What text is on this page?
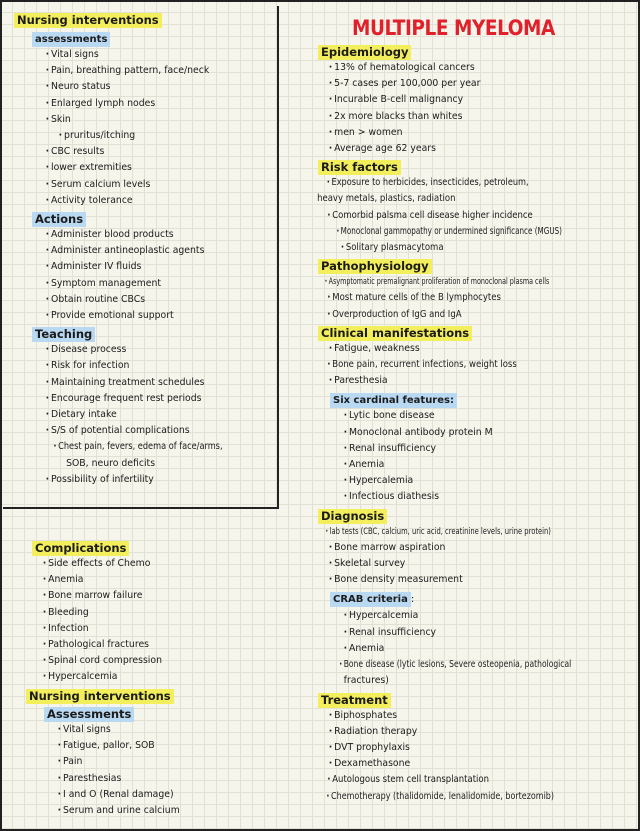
MULTIPLE MYELOMA
Nursing interventions
assessments
· Vital signs
· Pain, breathing pattern, face/neck
· Neuro status
· Enlarged lymph nodes
· Skin
· pruritus/itching
· CBC results
· lower extremities
· Serum calcium levels
· Activity tolerance
Actions
· Administer blood products
· Administer antineoplastic agents
· Administer IV fluids
· Symptom management
· Obtain routine CBCs
· Provide emotional support
Teaching
· Disease process
· Risk for infection
· Maintaining treatment schedules
· Encourage frequent rest periods
· Dietary intake
· S/S of potential complications
· Chest pain, fevers, edema of face/arms,
SOB, neuro deficits
· Possibility of infertility
Complications
· Side effects of Chemo
· Anemia
· Bone marrow failure
· Bleeding
· Infection
· Pathological fractures
· Spinal cord compression
· Hypercalcemia
Nursing interventions
Assessments
· Vital signs
· Fatigue, pallor, SOB
· Pain
· Paresthesias
· I and O (Renal damage)
· Serum and urine calcium
Epidemiology
· 13% of hematological cancers
· 5-7 cases per 100,000 per year
· Incurable B-cell malignancy
· 2x more blacks than whites
· men > women
· Average age 62 years
Risk factors
· Exposure to herbicides, insecticides, petroleum,
heavy metals, plastics, radiation
· Comorbid palsma cell disease higher incidence
· Monoclonal gammopathy or undermined significance (MGUS)
· Solitary plasmacytoma
Pathophysiology
· Asymptomatic premalignant proliferation of monoclonal plasma cells
· Most mature cells of the B lymphocytes
· Overproduction of IgG and IgA
Clinical manifestations
· Fatigue, weakness
· Bone pain, recurrent infections, weight loss
· Paresthesia
Six cardinal features:
· Lytic bone disease
· Monoclonal antibody protein M
· Renal insufficiency
· Anemia
· Hypercalemia
· Infectious diathesis
Diagnosis
· lab tests (CBC, calcium, uric acid, creatinine levels, urine protein)
· Bone marrow aspiration
· Skeletal survey
· Bone density measurement
CRAB criteria :
· Hypercalcemia
· Renal insufficiency
· Anemia
· Bone disease (lytic lesions, Severe osteopenia, pathological
fractures)
Treatment
· Biphosphates
· Radiation therapy
· DVT prophylaxis
· Dexamethasone
· Autologous stem cell transplantation
· Chemotherapy (thalidomide, lenalidomide, bortezomib)
